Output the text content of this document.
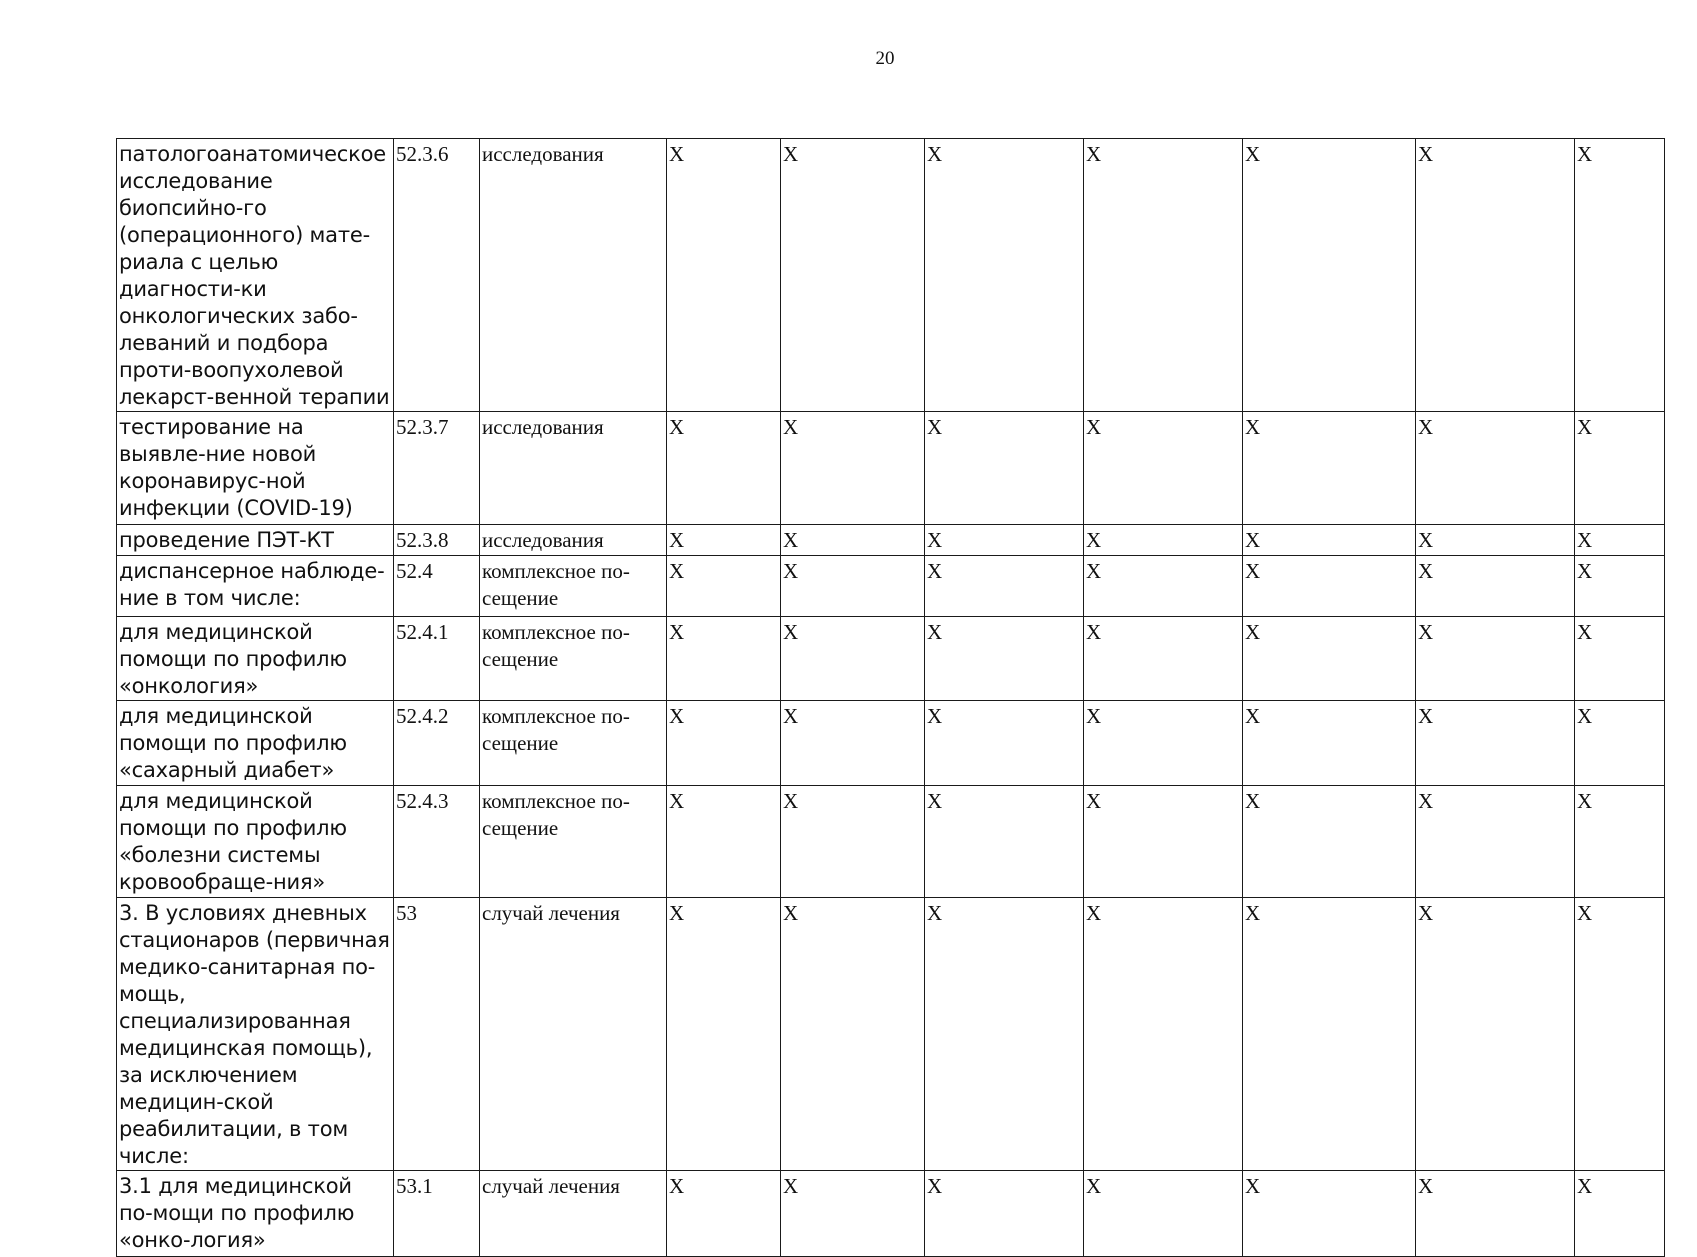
20
патологоанатомическое исследование биопсийно-го (операционного) мате-риала с целью диагности-ки онкологических забо-леваний и подбора проти-воопухолевой лекарст-венной терапии	52.3.6	исследования	X	X	X	X	X	X	X
тестирование на выявле-ние новой коронавирус-ной инфекции (COVID-19)	52.3.7	исследования	X	X	X	X	X	X	X
проведение ПЭТ-КТ	52.3.8	исследования	X	X	X	X	X	X	X
диспансерное наблюде-ние в том числе:	52.4	комплексное по-сещение	X	X	X	X	X	X	X
для медицинской помощи по профилю «онкология»	52.4.1	комплексное по-сещение	X	X	X	X	X	X	X
для медицинской помощи по профилю «сахарный диабет»	52.4.2	комплексное по-сещение	X	X	X	X	X	X	X
для медицинской помощи по профилю «болезни системы кровообраще-ния»	52.4.3	комплексное по-сещение	X	X	X	X	X	X	X
3. В условиях дневных стационаров (первичная медико-санитарная по-мощь, специализированная медицинская помощь), за исключением медицин-ской реабилитации, в том числе:	53	случай лечения	X	X	X	X	X	X	X
3.1 для медицинской по-мощи по профилю «онко-логия»	53.1	случай лечения	X	X	X	X	X	X	X
